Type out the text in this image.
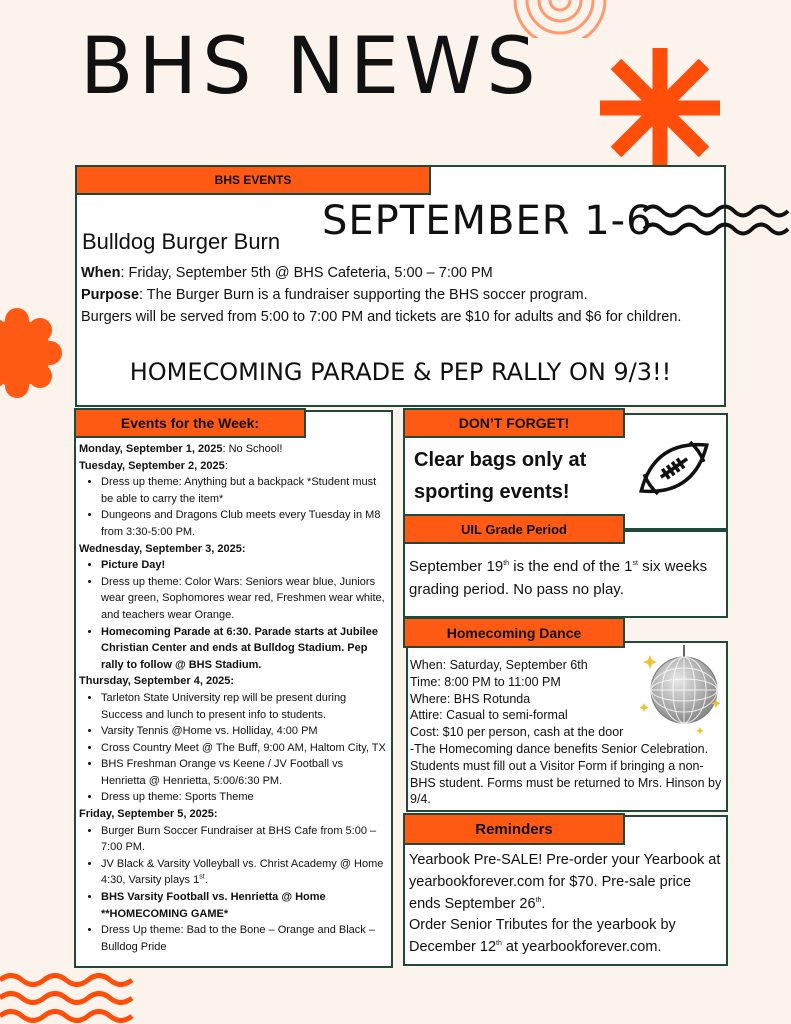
BHS NEWS
BHS EVENTS
SEPTEMBER 1-6
Bulldog Burger Burn
When: Friday, September 5th @ BHS Cafeteria, 5:00 – 7:00 PM
Purpose: The Burger Burn is a fundraiser supporting the BHS soccer program.
Burgers will be served from 5:00 to 7:00 PM and tickets are $10 for adults and $6 for children.
HOMECOMING PARADE & PEP RALLY ON 9/3!!
Events for the Week:
Monday, September 1, 2025: No School!
Tuesday, September 2, 2025:
• Dress up theme: Anything but a backpack *Student must be able to carry the item*
• Dungeons and Dragons Club meets every Tuesday in M8 from 3:30-5:00 PM.
Wednesday, September 3, 2025:
• Picture Day!
• Dress up theme: Color Wars: Seniors wear blue, Juniors wear green, Sophomores wear red, Freshmen wear white, and teachers wear Orange.
• Homecoming Parade at 6:30. Parade starts at Jubilee Christian Center and ends at Bulldog Stadium. Pep rally to follow @ BHS Stadium.
Thursday, September 4, 2025:
• Tarleton State University rep will be present during Success and lunch to present info to students.
• Varsity Tennis @Home vs. Holliday, 4:00 PM
• Cross Country Meet @ The Buff, 9:00 AM, Haltom City, TX
• BHS Freshman Orange vs Keene / JV Football vs Henrietta @ Henrietta, 5:00/6:30 PM.
• Dress up theme: Sports Theme
Friday, September 5, 2025:
• Burger Burn Soccer Fundraiser at BHS Cafe from 5:00 – 7:00 PM.
• JV Black & Varsity Volleyball vs. Christ Academy @ Home 4:30, Varsity plays 1st.
• BHS Varsity Football vs. Henrietta @ Home **HOMECOMING GAME*
• Dress Up theme: Bad to the Bone – Orange and Black – Bulldog Pride
DON’T FORGET!
Clear bags only at sporting events!
UIL Grade Period
September 19th is the end of the 1st six weeks grading period. No pass no play.
Homecoming Dance
When: Saturday, September 6th
Time: 8:00 PM to 11:00 PM
Where: BHS Rotunda
Attire: Casual to semi-formal
Cost: $10 per person, cash at the door
-The Homecoming dance benefits Senior Celebration. Students must fill out a Visitor Form if bringing a non-BHS student. Forms must be returned to Mrs. Hinson by 9/4.
Reminders
Yearbook Pre-SALE! Pre-order your Yearbook at yearbookforever.com for $70. Pre-sale price ends September 26th.
Order Senior Tributes for the yearbook by December 12th at yearbookforever.com.
